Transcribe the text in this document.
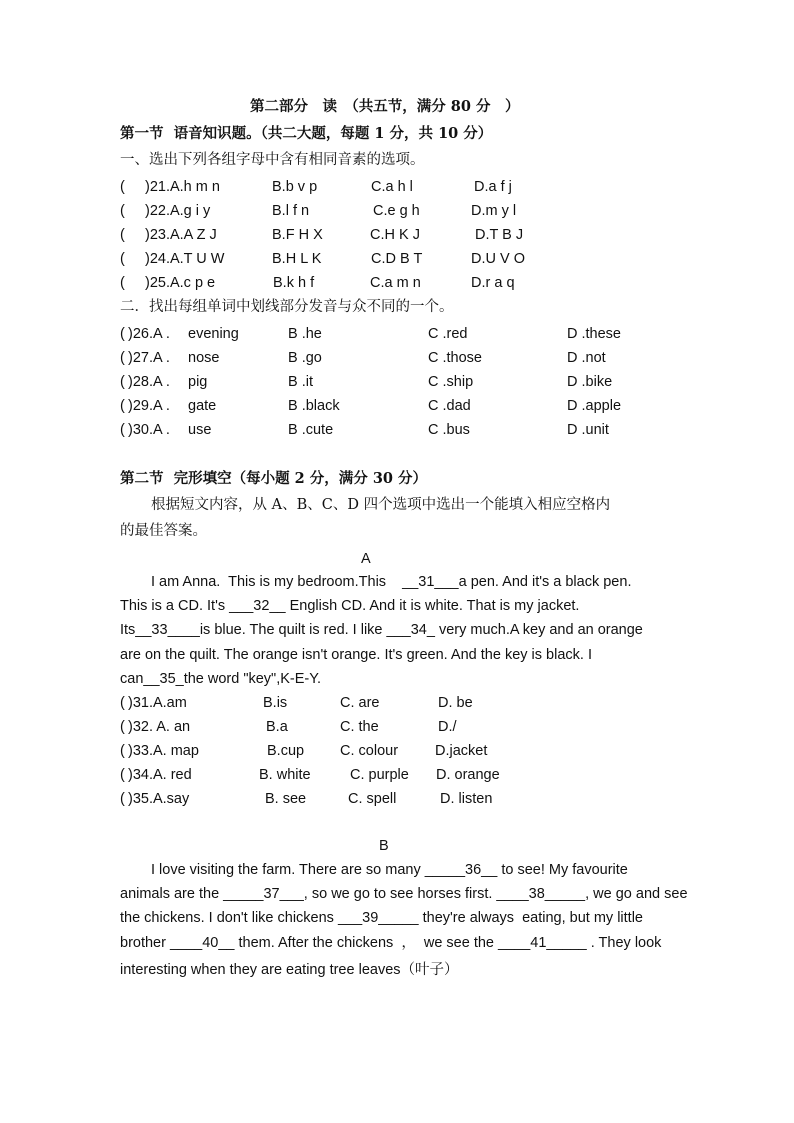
第二部分　读　（共五节，满分 80 分　）
第一节  语音知识题。（共二大题，每题 1 分，共 10 分）
一、选出下列各组字母中含有相同音素的选项。
( )21.A.h m n	B.b v p	C.a h l	D.a f j
( )22.A.g i y	B.l f n	C.e g h	D.m y l
( )23.A.A Z J	B.F H X	C.H K J	D.T B J
( )24.A.T U W	B.H L K	C.D B T	D.U V O
( )25.A.c p e	B.k h f	C.a m n	D.r a q
二．找出每组单词中划线部分发音与众不同的一个。
( )26.A . evening	B .he	C .red	D .these
( )27.A . nose	B .go	C .those	D .not
( )28.A . pig	B .it	C .ship	D .bike
( )29.A . gate	B .black	C .dad	D .apple
( )30.A . use	B .cute	C .bus	D .unit
第二节  完形填空（每小题 2 分，满分 30 分）
根据短文内容，从 A、B、C、D 四个选项中选出一个能填入相应空格内
的最佳答案。
A
I am Anna.  This is my bedroom.This    __31___a pen. And it's a black pen.
This is a CD. It's ___32__ English CD. And it is white. That is my jacket.
Its__33____is blue. The quilt is red. I like ___34_ very much.A key and an orange
are on the quilt. The orange isn't orange. It's green. And the key is black. I
can__35_the word "key",K-E-Y.
( )31.A.am	B.is	C. are	D. be
( )32. A. an	B.a	C. the	D./
( )33.A. map	B.cup C. colour	D.jacket
( )34.A. red	B. white	C. purple D. orange
( )35.A.say	B. see	C. spell	D. listen
B
I love visiting the farm. There are so many _____36__ to see! My favourite
animals are the _____37___, so we go to see horses first. ____38_____, we go and see
the chickens. I don't like chickens ___39_____ they're always  eating, but my little
brother ____40__ them. After the chickens  ，  we see the ____41_____ . They look
interesting when they are eating tree leaves（叶子）
